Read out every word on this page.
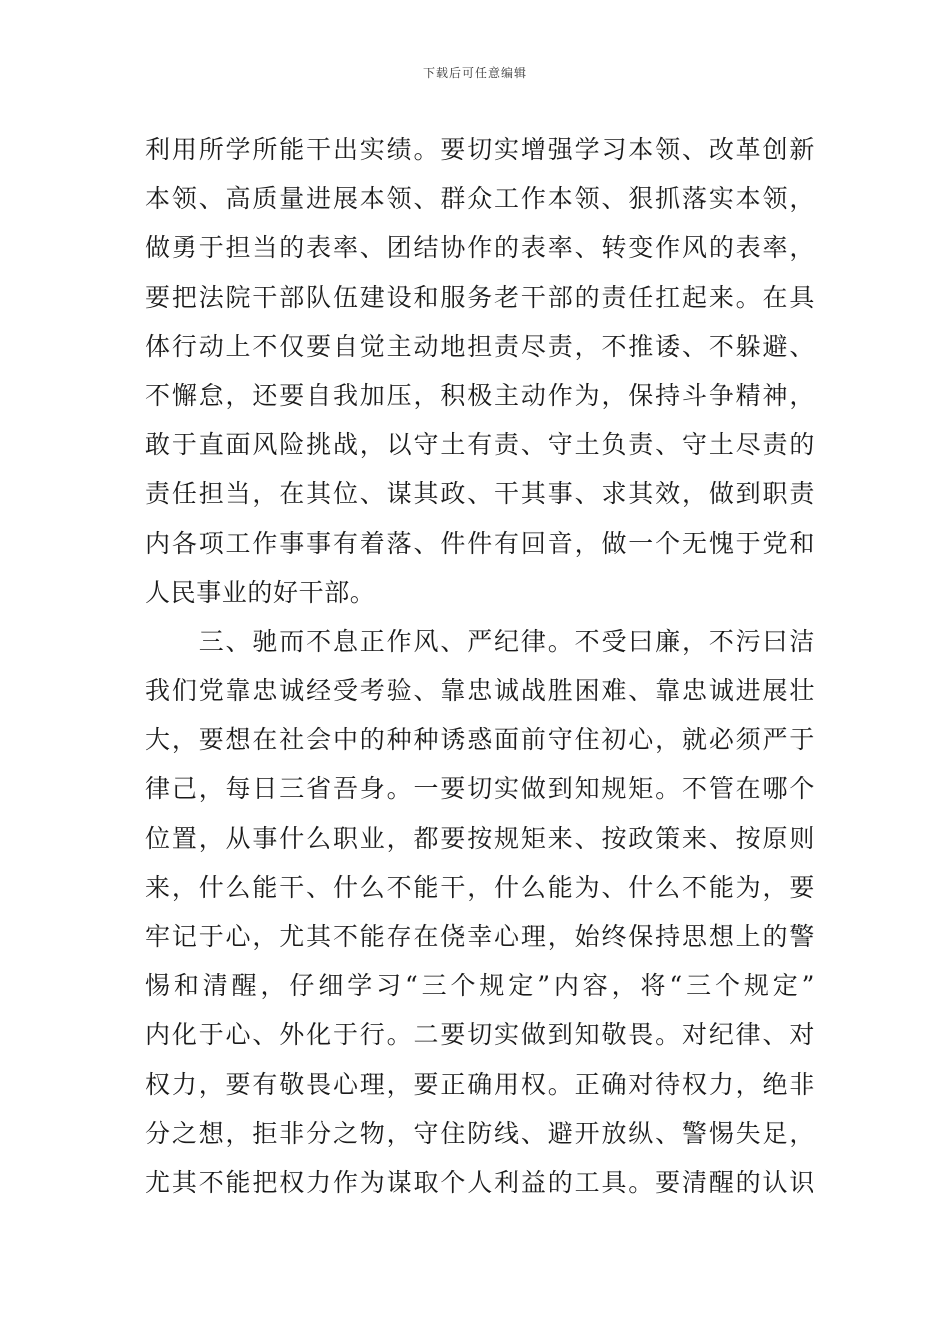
下载后可任意编辑
利用所学所能干出实绩。要切实增强学习本领、改革创新
本领、高质量进展本领、群众工作本领、狠抓落实本领，
做勇于担当的表率、团结协作的表率、转变作风的表率，
要把法院干部队伍建设和服务老干部的责任扛起来。在具
体行动上不仅要自觉主动地担责尽责，不推诿、不躲避、
不懈怠，还要自我加压，积极主动作为，保持斗争精神，
敢于直面风险挑战，以守土有责、守土负责、守土尽责的
责任担当，在其位、谋其政、干其事、求其效，做到职责
内各项工作事事有着落、件件有回音，做一个无愧于党和
人民事业的好干部。
　　三、驰而不息正作风、严纪律。不受曰廉，不污曰洁
我们党靠忠诚经受考验、靠忠诚战胜困难、靠忠诚进展壮
大，要想在社会中的种种诱惑面前守住初心，就必须严于
律己，每日三省吾身。一要切实做到知规矩。不管在哪个
位置，从事什么职业，都要按规矩来、按政策来、按原则
来，什么能干、什么不能干，什么能为、什么不能为，要
牢记于心，尤其不能存在侥幸心理，始终保持思想上的警
惕和清醒，仔细学习“三个规定”内容，将“三个规定”
内化于心、外化于行。二要切实做到知敬畏。对纪律、对
权力，要有敬畏心理，要正确用权。正确对待权力，绝非
分之想，拒非分之物，守住防线、避开放纵、警惕失足，
尤其不能把权力作为谋取个人利益的工具。要清醒的认识
